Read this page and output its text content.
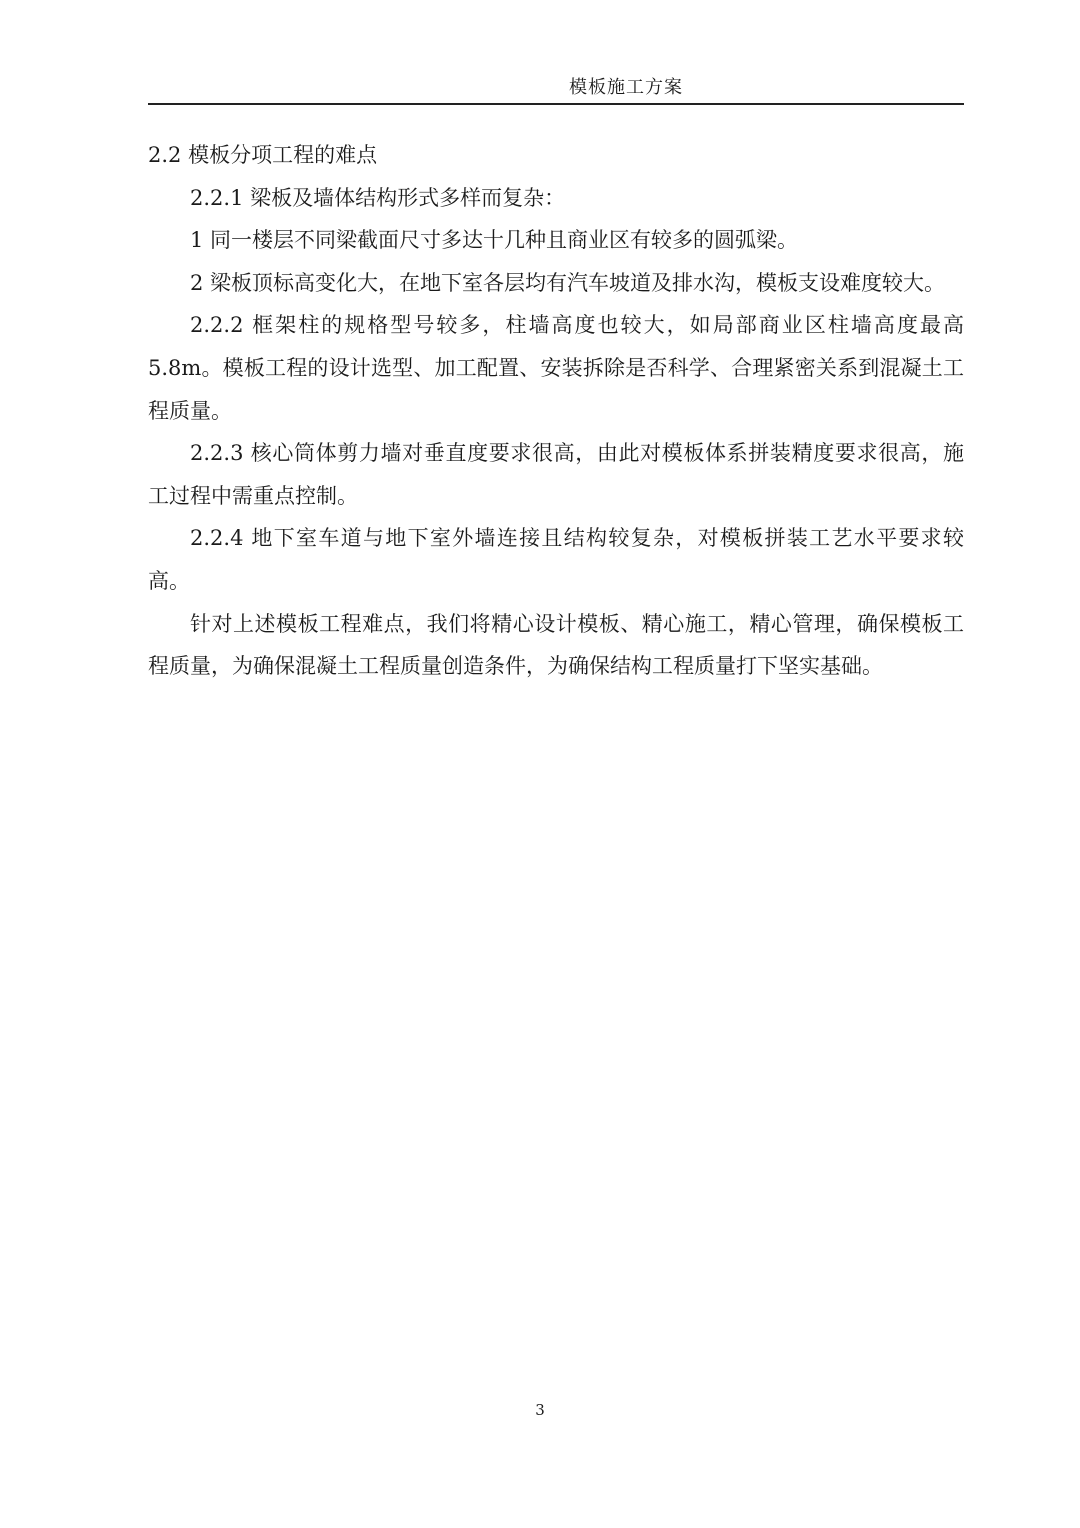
模板施工方案
2.2 模板分项工程的难点
2.2.1 梁板及墙体结构形式多样而复杂：
1 同一楼层不同梁截面尺寸多达十几种且商业区有较多的圆弧梁。
2 梁板顶标高变化大，在地下室各层均有汽车坡道及排水沟，模板支设难度较大。
2.2.2 框架柱的规格型号较多，柱墙高度也较大，如局部商业区柱墙高度最高
5.8m。模板工程的设计选型、加工配置、安装拆除是否科学、合理紧密关系到混凝土工
程质量。
2.2.3 核心筒体剪力墙对垂直度要求很高，由此对模板体系拼装精度要求很高，施
工过程中需重点控制。
2.2.4 地下室车道与地下室外墙连接且结构较复杂，对模板拼装工艺水平要求较
高。
针对上述模板工程难点，我们将精心设计模板、精心施工，精心管理，确保模板工
程质量，为确保混凝土工程质量创造条件，为确保结构工程质量打下坚实基础。
3
